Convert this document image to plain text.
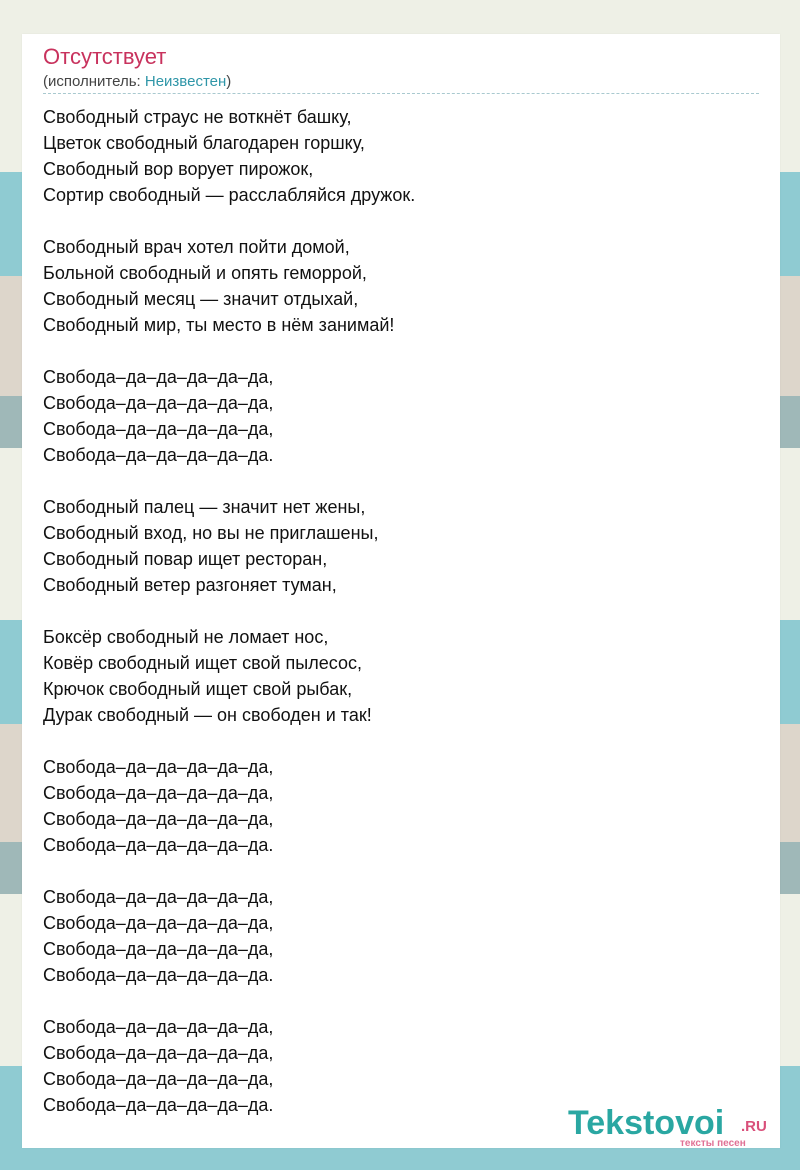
Отсутствует
(исполнитель: Неизвестен)
Свободный страус не воткнёт башку,
Цветок свободный благодарен горшку,
Свободный вор ворует пирожок,
Сортир свободный — расслабляйся дружок.
Свободный врач хотел пойти домой,
Больной свободный и опять геморрой,
Свободный месяц — значит отдыхай,
Свободный мир, ты место в нём занимай!
Свобода–да–да–да–да–да,
Свобода–да–да–да–да–да,
Свобода–да–да–да–да–да,
Свобода–да–да–да–да–да.
Свободный палец — значит нет жены,
Свободный вход, но вы не приглашены,
Свободный повар ищет ресторан,
Свободный ветер разгоняет туман,
Боксёр свободный не ломает нос,
Ковёр свободный ищет свой пылесос,
Крючок свободный ищет свой рыбак,
Дурак свободный — он свободен и так!
Свобода–да–да–да–да–да,
Свобода–да–да–да–да–да,
Свобода–да–да–да–да–да,
Свобода–да–да–да–да–да.
Свобода–да–да–да–да–да,
Свобода–да–да–да–да–да,
Свобода–да–да–да–да–да,
Свобода–да–да–да–да–да.
Свобода–да–да–да–да–да,
Свобода–да–да–да–да–да,
Свобода–да–да–да–да–да,
Свобода–да–да–да–да–да.	Tekstovoi .RU
тексты песен
